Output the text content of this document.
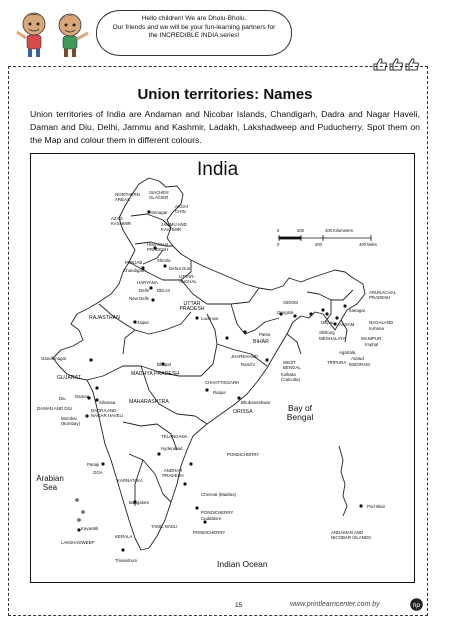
Hello children! We are Dholu-Bholu.
Our friends and we will be your fun-learning partners for
the INCREDIBLE INDIA series!
Union territories: Names
Union territories of India are Andaman and Nicobar Islands, Chandigarh, Dadra and Nagar Haveli, Daman and Diu, Delhi, Jammu and Kashmir, Ladakh, Lakshadweep and Puducherry. Spot them on the Map and colour them in different colours.
India
0	200	400 Kilometers
0	200	400 Miles
Arabian Sea
Bay of Bengal
Indian Ocean
NORTHERN AREAS
SIACHEN GLACIER
AKSAI CHIN
Srinagar
AZAD KASHMIR	JAMMU AND KASHMIR
HIMACHAL PRADESH
PUNJAB	Shimla
Chandigarh	Dehra Dun
UTTAR-ANCHAL
HARYANA
Delhi DELHI
New Delhi
UTTAR PRADESH
Lucknow
RAJASTHAN
Jaipur
SIKKIM
Gangtok
ARUNACHAL PRADESH
Itanagar
Dispur ASSAM	NAGALAND
Kohima
Shillong
MEGHALAYA	MANIPUR
Imphal
BIHAR
Patna
Agartala
TRIPURA
Aizawl
MIZORAM
JHARKHAND
Ranchi	WEST BENGAL
Kolkata (Calcutta)
Gandhinagar
GUJARAT
MADHYA PRADESH
Bhopal
CHHATTISGARH
Raipur
DAMAN AND DIU
Diu Daman
Silvassa
DADRA AND NAGAR HAVELI
MAHARASHTRA
Mumbai (Bombay)
Bhubaneshwar
ORISSA
TELANGANA
Hyderabad
PONDICHERRY
Panaji
GOA
KARNATAKA
ANDHAR PRADESH
Chennai (Madras)
Bangalore
PONDICHERRY
Cuddalore
TAMIL NADU
PONDICHERRY
Kavaratti
LAKSHADWEEP
KERALA
Trivandrum
Port Blair
ANDAMAN AND NICOBAR ISLANDS
15	www.printlearncenter.com by	hp
